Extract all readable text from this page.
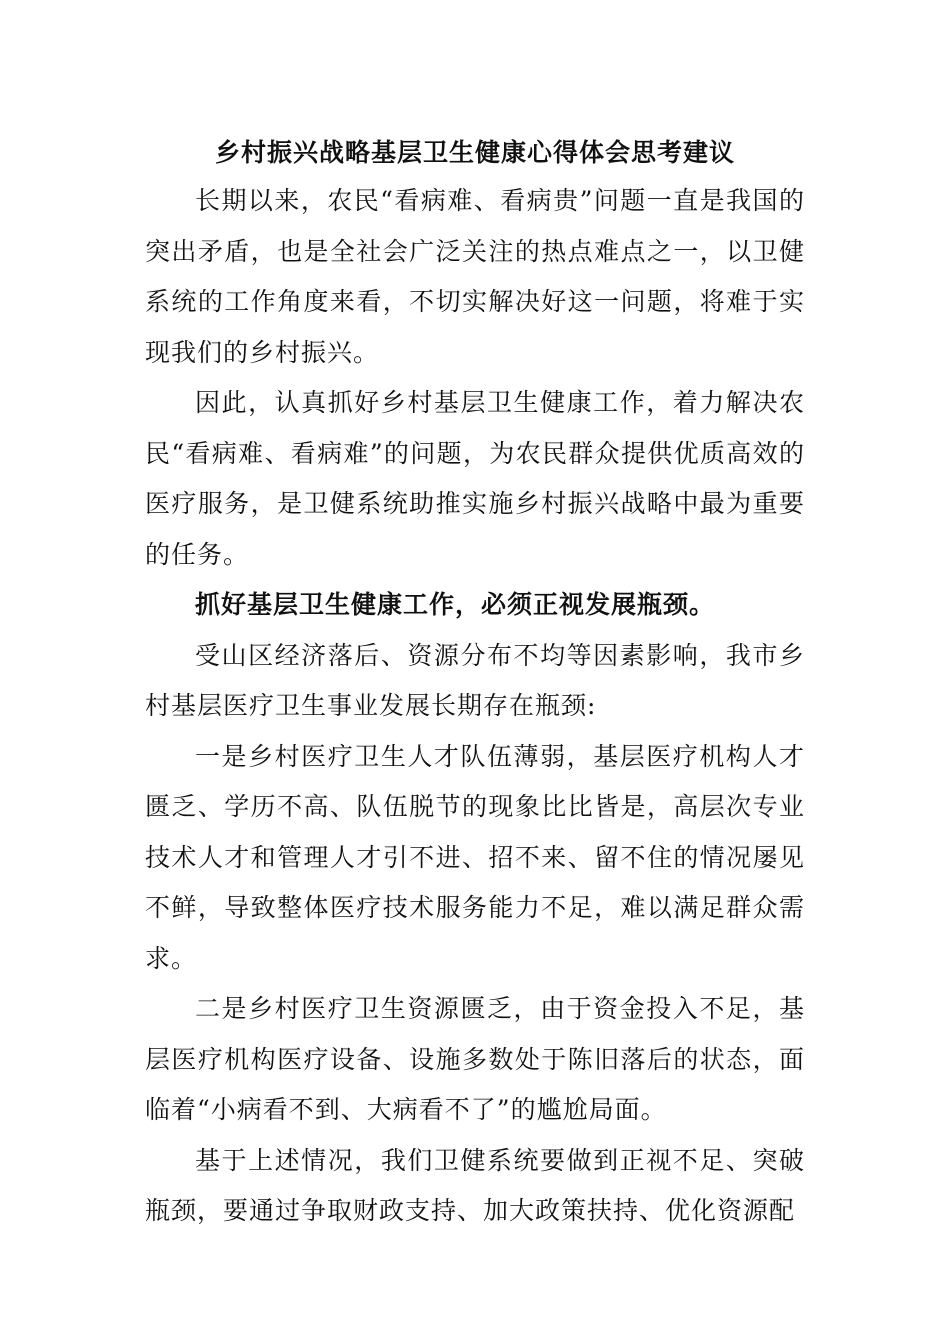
乡村振兴战略基层卫生健康心得体会思考建议

长期以来，农民“看病难、看病贵”问题一直是我国的突出矛盾，也是全社会广泛关注的热点难点之一，以卫健系统的工作角度来看，不切实解决好这一问题，将难于实现我们的乡村振兴。

因此，认真抓好乡村基层卫生健康工作，着力解决农民“看病难、看病难”的问题，为农民群众提供优质高效的医疗服务，是卫健系统助推实施乡村振兴战略中最为重要的任务。

抓好基层卫生健康工作，必须正视发展瓶颈。

受山区经济落后、资源分布不均等因素影响，我市乡村基层医疗卫生事业发展长期存在瓶颈:

一是乡村医疗卫生人才队伍薄弱，基层医疗机构人才匮乏、学历不高、队伍脱节的现象比比皆是，高层次专业技术人才和管理人才引不进、招不来、留不住的情况屡见不鲜，导致整体医疗技术服务能力不足，难以满足群众需求。

二是乡村医疗卫生资源匮乏，由于资金投入不足，基层医疗机构医疗设备、设施多数处于陈旧落后的状态，面临着“小病看不到、大病看不了”的尴尬局面。

基于上述情况，我们卫健系统要做到正视不足、突破瓶颈，要通过争取财政支持、加大政策扶持、优化资源配
